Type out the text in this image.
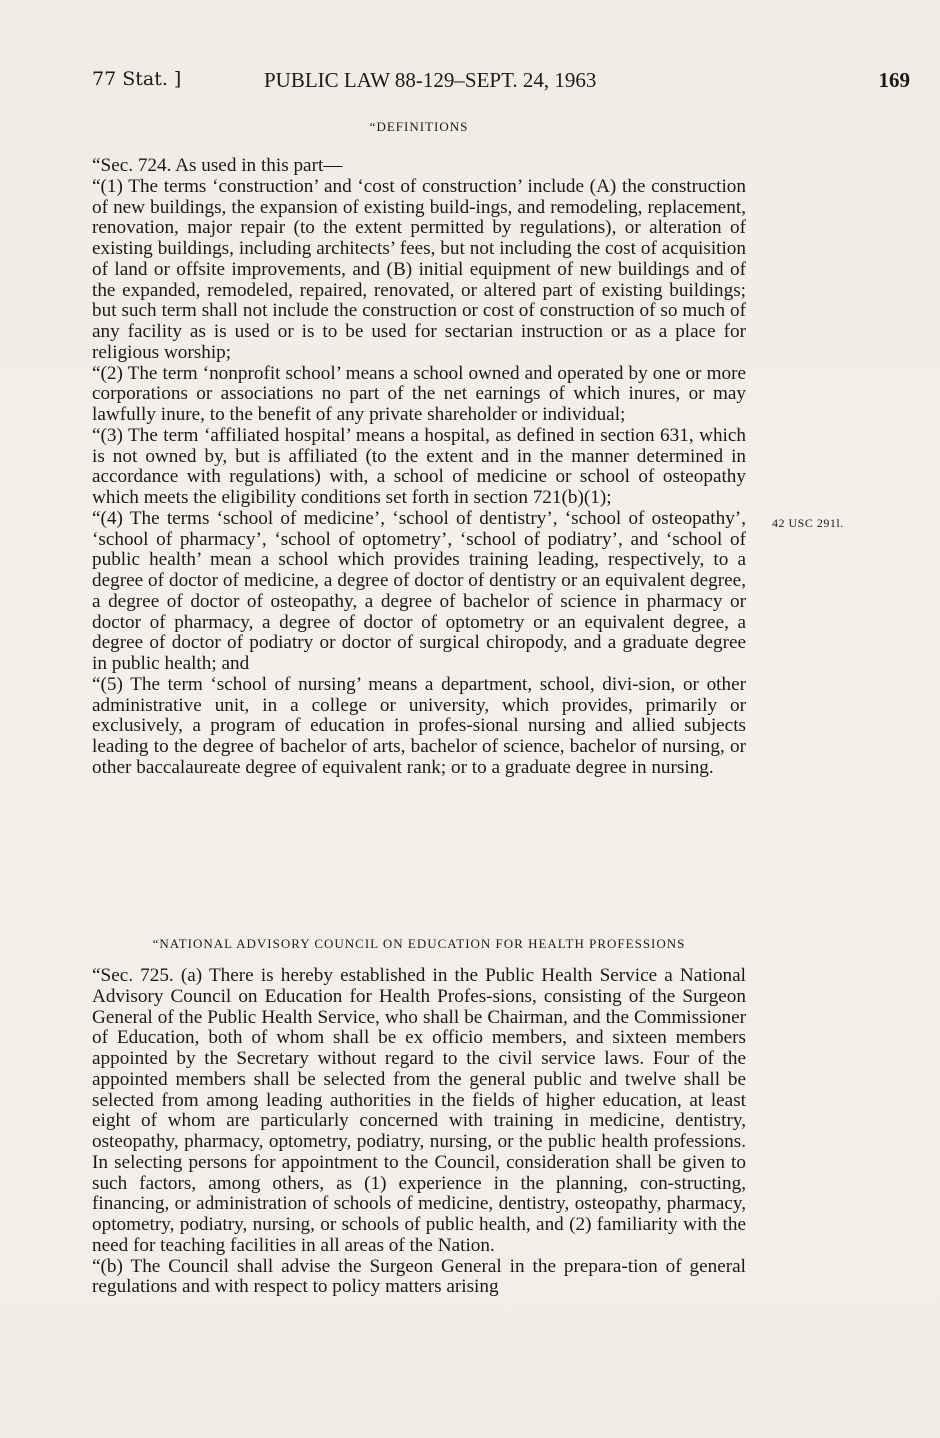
77 Stat. ]	PUBLIC LAW 88-129–SEPT. 24, 1963	169
“DEFINITIONS

“Sec. 724. As used in this part—

“(1) The terms ‘construction’ and ‘cost of construction’ include (A) the construction of new buildings, the expansion of existing build-ings, and remodeling, replacement, renovation, major repair (to the extent permitted by regulations), or alteration of existing buildings, including architects’ fees, but not including the cost of acquisition of land or offsite improvements, and (B) initial equipment of new buildings and of the expanded, remodeled, repaired, renovated, or altered part of existing buildings; but such term shall not include the construction or cost of construction of so much of any facility as is used or is to be used for sectarian instruction or as a place for religious worship;

“(2) The term ‘nonprofit school’ means a school owned and operated by one or more corporations or associations no part of the net earnings of which inures, or may lawfully inure, to the benefit of any private shareholder or individual;

“(3) The term ‘affiliated hospital’ means a hospital, as defined in section 631, which is not owned by, but is affiliated (to the extent and in the manner determined in accordance with regulations) with, a school of medicine or school of osteopathy which meets the eligibility conditions set forth in section 721(b)(1);

“(4) The terms ‘school of medicine’, ‘school of dentistry’, ‘school of osteopathy’, ‘school of pharmacy’, ‘school of optometry’, ‘school of podiatry’, and ‘school of public health’ mean a school which provides training leading, respectively, to a degree of doctor of medicine, a degree of doctor of dentistry or an equivalent degree, a degree of doctor of osteopathy, a degree of bachelor of science in pharmacy or doctor of pharmacy, a degree of doctor of optometry or an equivalent degree, a degree of doctor of podiatry or doctor of surgical chiropody, and a graduate degree in public health; and

“(5) The term ‘school of nursing’ means a department, school, divi-sion, or other administrative unit, in a college or university, which provides, primarily or exclusively, a program of education in profes-sional nursing and allied subjects leading to the degree of bachelor of arts, bachelor of science, bachelor of nursing, or other baccalaureate degree of equivalent rank; or to a graduate degree in nursing.

42 USC 291l.
“NATIONAL ADVISORY COUNCIL ON EDUCATION FOR HEALTH PROFESSIONS

“Sec. 725. (a) There is hereby established in the Public Health Service a National Advisory Council on Education for Health Profes-sions, consisting of the Surgeon General of the Public Health Service, who shall be Chairman, and the Commissioner of Education, both of whom shall be ex officio members, and sixteen members appointed by the Secretary without regard to the civil service laws. Four of the appointed members shall be selected from the general public and twelve shall be selected from among leading authorities in the fields of higher education, at least eight of whom are particularly concerned with training in medicine, dentistry, osteopathy, pharmacy, optometry, podiatry, nursing, or the public health professions. In selecting persons for appointment to the Council, consideration shall be given to such factors, among others, as (1) experience in the planning, con-structing, financing, or administration of schools of medicine, dentistry, osteopathy, pharmacy, optometry, podiatry, nursing, or schools of public health, and (2) familiarity with the need for teaching facilities in all areas of the Nation.

“(b) The Council shall advise the Surgeon General in the prepara-tion of general regulations and with respect to policy matters arising
